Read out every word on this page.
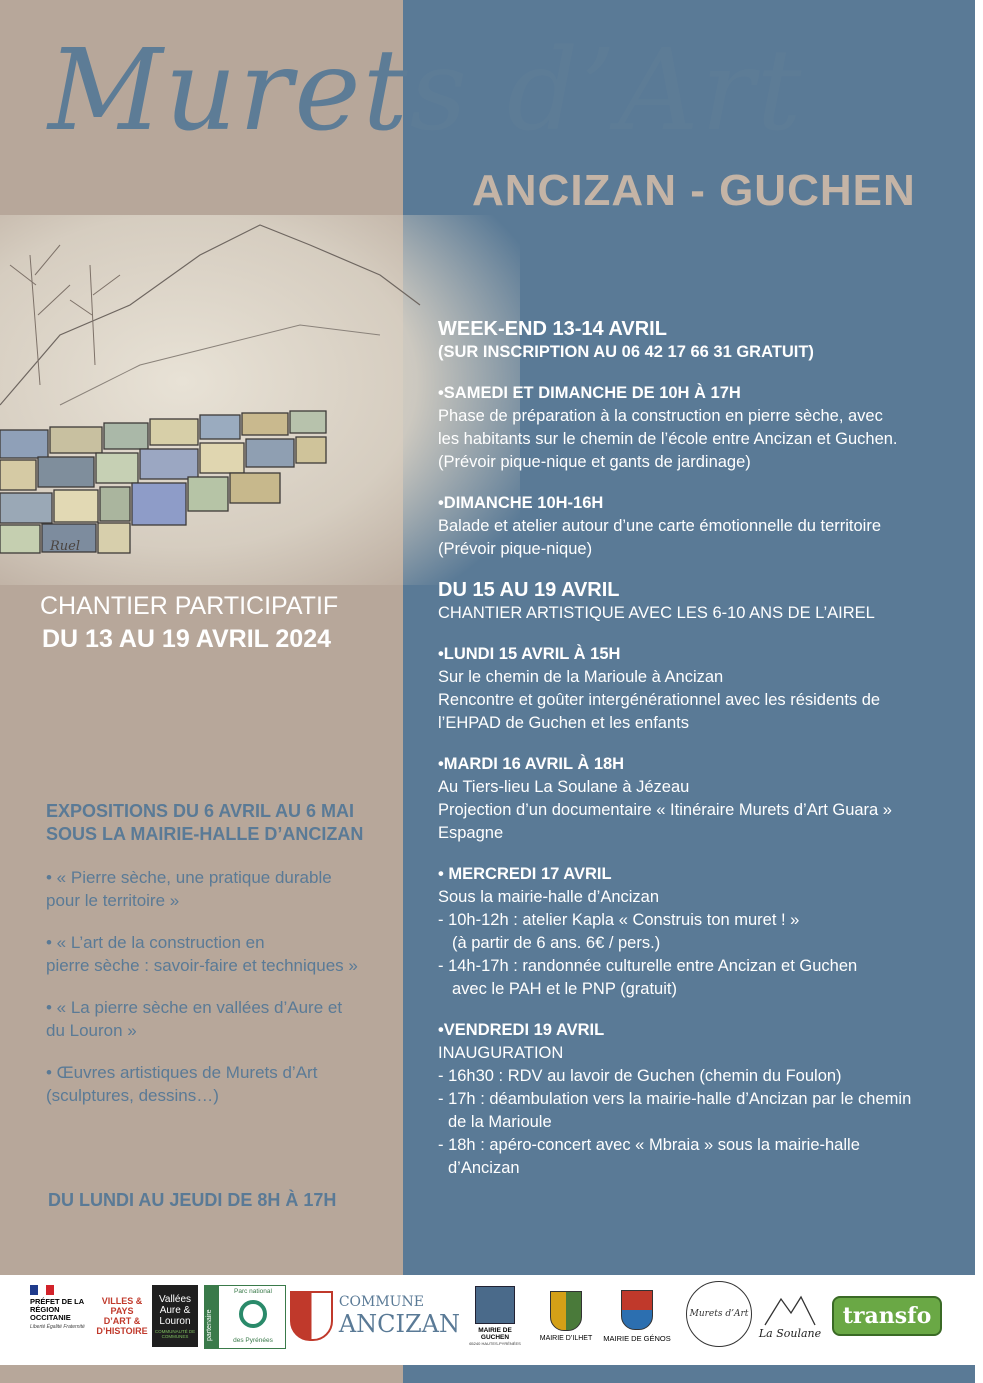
Ruel
Murets d’Art
ANCIZAN - GUCHEN
CHANTIER PARTICIPATIF
DU 13 AU 19 AVRIL 2024
EXPOSITIONS DU 6 AVRIL AU 6 MAI
SOUS LA MAIRIE-HALLE D’ANCIZAN
• « Pierre sèche, une pratique durable
pour le territoire »
• « L’art de la construction en
pierre sèche : savoir-faire et techniques »
• « La pierre sèche en vallées d’Aure et
du Louron »
• Œuvres artistiques de Murets d’Art
(sculptures, dessins…)
DU LUNDI AU JEUDI DE 8H À 17H
WEEK-END 13-14 AVRIL
(SUR INSCRIPTION AU 06 42 17 66 31 GRATUIT)
•SAMEDI ET DIMANCHE DE 10H À 17H
Phase de préparation à la construction en pierre sèche, avec
les habitants sur le chemin de l’école entre Ancizan et Guchen.
(Prévoir pique-nique et gants de jardinage)
•DIMANCHE 10H-16H
Balade et atelier autour d’une carte émotionnelle du territoire
(Prévoir pique-nique)
DU 15 AU 19 AVRIL
CHANTIER ARTISTIQUE AVEC LES 6-10 ANS DE L’AIREL
•LUNDI 15 AVRIL À 15H
Sur le chemin de la Marioule à Ancizan
Rencontre et goûter intergénérationnel avec les résidents de
l’EHPAD de Guchen et les enfants
•MARDI 16 AVRIL À 18H
Au Tiers-lieu La Soulane à Jézeau
Projection d’un documentaire « Itinéraire Murets d’Art Guara »
Espagne
• MERCREDI 17 AVRIL
Sous la mairie-halle d’Ancizan
- 10h-12h : atelier Kapla « Construis ton muret ! »
(à partir de 6 ans. 6€ / pers.)
- 14h-17h : randonnée culturelle entre Ancizan et Guchen
avec le PAH et le PNP (gratuit)
•VENDREDI 19 AVRIL
INAUGURATION
- 16h30 : RDV au lavoir de Guchen (chemin du Foulon)
- 17h : déambulation vers la mairie-halle d’Ancizan par le chemin
de la Marioule
- 18h : apéro-concert avec « Mbraia » sous la mairie-halle
d’Ancizan
PRÉFET DE LA RÉGION OCCITANIE
Liberté Égalité Fraternité
VILLES & PAYS D’ART & D’HISTOIRE
Vallées Aure & Louron
COMMUNAUTÉ DE COMMUNES	partenaire
Parc national
des Pyrénées
COMMUNE
ANCIZAN	MAIRIE DE GUCHEN
65240 HAUTES-PYRÉNÉES
MAIRIE D’ILHET MAIRIE DE GÉNOS
Murets d’Art
La Soulane
transfo
